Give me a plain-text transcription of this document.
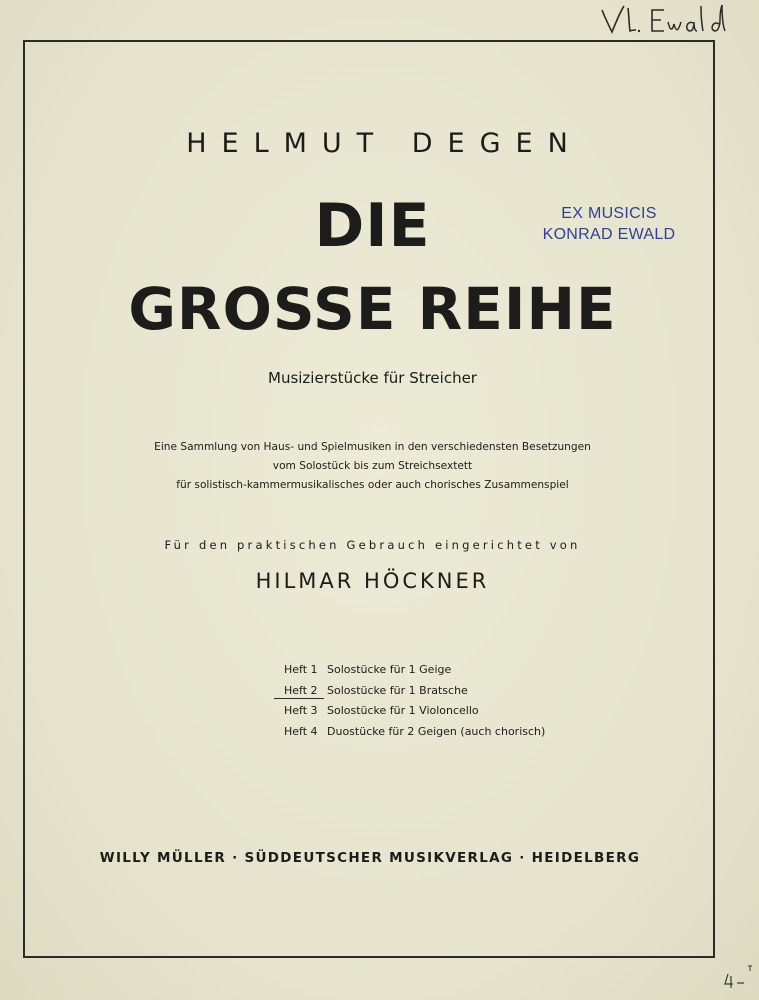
HELMUT DEGEN
DIE
GROSSE REIHE
EX MUSICIS
KONRAD EWALD
Musizierstücke für Streicher
Eine Sammlung von Haus- und Spielmusiken in den verschiedensten Besetzungen
vom Solostück bis zum Streichsextett
für solistisch-kammermusikalisches oder auch chorisches Zusammenspiel
Für den praktischen Gebrauch eingerichtet von
HILMAR HÖCKNER
Heft 1 Solostücke für 1 Geige
Heft 2 Solostücke für 1 Bratsche
Heft 3 Solostücke für 1 Violoncello
Heft 4 Duostücke für 2 Geigen (auch chorisch)
WILLY MÜLLER · SÜDDEUTSCHER MUSIKVERLAG · HEIDELBERG
